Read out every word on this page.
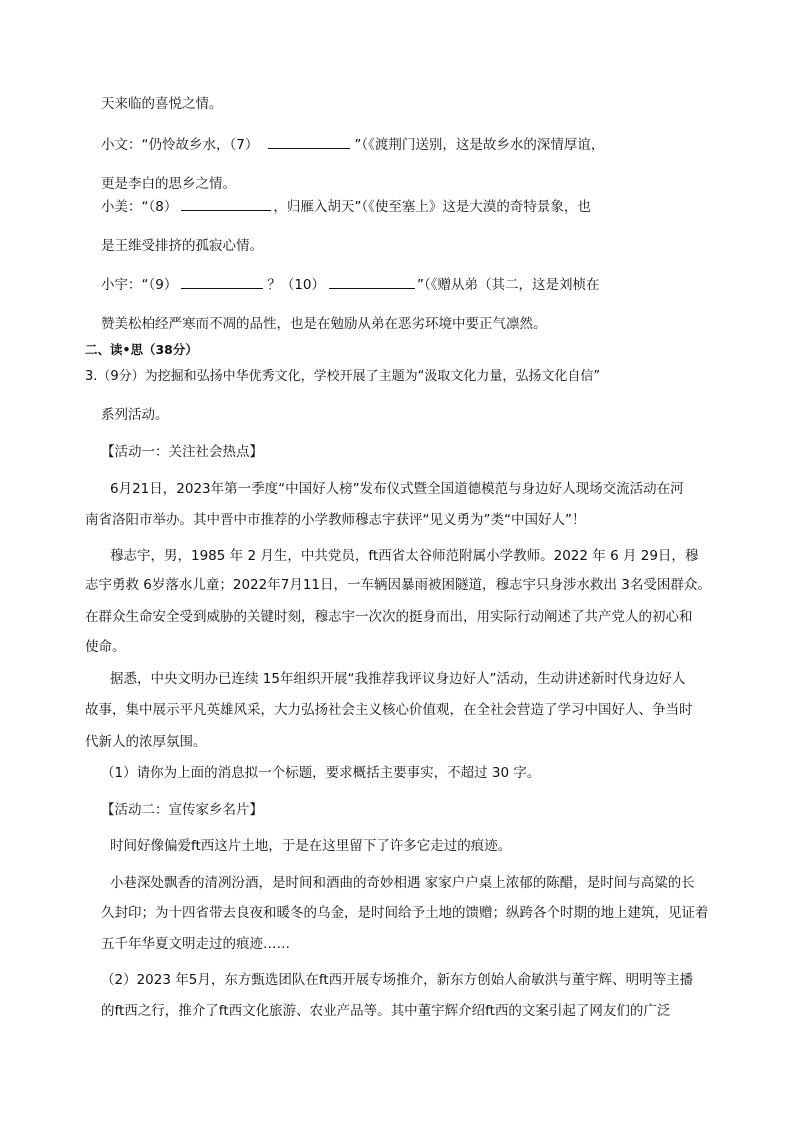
天来临的喜悦之情。
小文：“仍怜故乡水，（7）	”（《渡荆门送别，这是故乡水的深情厚谊，
更是李白的思乡之情。
小美：“（8）	，归雁入胡天”（《使至塞上》这是大漠的奇特景象，也
是王维受排挤的孤寂心情。
小宇：“（9）	？（10）	”（《赠从弟（其二，这是刘桢在
赞美松柏经严寒而不凋的品性，也是在勉励从弟在恶劣环境中要正气凛然。
二、读•思（38分）
3.（9分）为挖掘和弘扬中华优秀文化，学校开展了主题为“汲取文化力量，弘扬文化自信”
系列活动。
【活动一：关注社会热点】
6月21日，2023年第一季度“中国好人榜”发布仪式暨全国道德模范与身边好人现场交流活动在河
南省洛阳市举办。其中晋中市推荐的小学教师穆志宇获评“见义勇为”类“中国好人”！
穆志宇，男，1985 年 2 月生，中共党员，ft西省太谷师范附属小学教师。2022 年 6 月 29日，穆
志宇勇救 6岁落水儿童；2022年7月11日，一车辆因暴雨被困隧道，穆志宇只身涉水救出 3名受困群众。
在群众生命安全受到威胁的关键时刻，穆志宇一次次的挺身而出，用实际行动阐述了共产党人的初心和
使命。
据悉，中央文明办已连续 15年组织开展“我推荐我评议身边好人”活动，生动讲述新时代身边好人
故事，集中展示平凡英雄风采，大力弘扬社会主义核心价值观，在全社会营造了学习中国好人、争当时
代新人的浓厚氛围。
（1）请你为上面的消息拟一个标题，要求概括主要事实，不超过 30 字。
【活动二：宣传家乡名片】
时间好像偏爱ft西这片土地，于是在这里留下了许多它走过的痕迹。
小巷深处飘香的清冽汾酒，是时间和酒曲的奇妙相遇 家家户户桌上浓郁的陈醋，是时间与高粱的长
久封印；为十四省带去良夜和暖冬的乌金，是时间给予土地的馈赠；纵跨各个时期的地上建筑，见证着
五千年华夏文明走过的痕迹……
（2）2023 年5月，东方甄选团队在ft西开展专场推介，新东方创始人俞敏洪与董宇辉、明明等主播
的ft西之行，推介了ft西文化旅游、农业产品等。其中董宇辉介绍ft西的文案引起了网友们的广泛
